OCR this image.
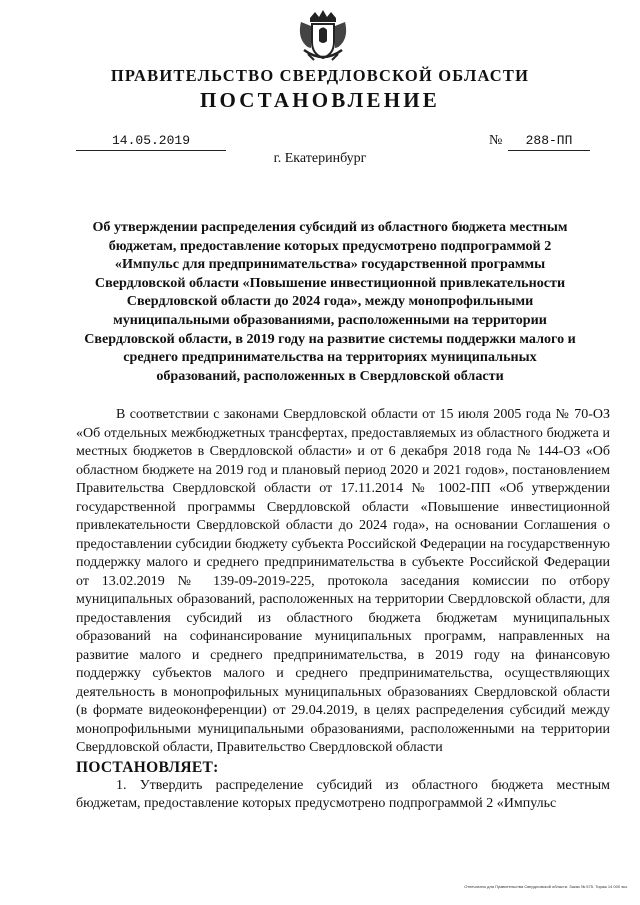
ПРАВИТЕЛЬСТВО СВЕРДЛОВСКОЙ ОБЛАСТИ
ПОСТАНОВЛЕНИЕ
14.05.2019	№	288-ПП
г. Екатеринбург
Об утверждении распределения субсидий из областного бюджета местным бюджетам, предоставление которых предусмотрено подпрограммой 2 «Импульс для предпринимательства» государственной программы Свердловской области «Повышение инвестиционной привлекательности Свердловской области до 2024 года», между монопрофильными муниципальными образованиями, расположенными на территории Свердловской области, в 2019 году на развитие системы поддержки малого и среднего предпринимательства на территориях муниципальных образований, расположенных в Свердловской области

В соответствии с законами Свердловской области от 15 июля 2005 года № 70-ОЗ «Об отдельных межбюджетных трансфертах, предоставляемых из областного бюджета и местных бюджетов в Свердловской области» и от 6 декабря 2018 года № 144-ОЗ «Об областном бюджете на 2019 год и плановый период 2020 и 2021 годов», постановлением Правительства Свердловской области от 17.11.2014 № 1002-ПП «Об утверждении государственной программы Свердловской области «Повышение инвестиционной привлекательности Свердловской области до 2024 года», на основании Соглашения о предоставлении субсидии бюджету субъекта Российской Федерации на государственную поддержку малого и среднего предпринимательства в субъекте Российской Федерации от 13.02.2019 № 139-09-2019-225, протокола заседания комиссии по отбору муниципальных образований, расположенных на территории Свердловской области, для предоставления субсидий из областного бюджета бюджетам муниципальных образований на софинансирование муниципальных программ, направленных на развитие малого и среднего предпринимательства, в 2019 году на финансовую поддержку субъектов малого и среднего предпринимательства, осуществляющих деятельность в монопрофильных муниципальных образованиях Свердловской области (в формате видеоконференции) от 29.04.2019, в целях распределения субсидий между монопрофильными муниципальными образованиями, расположенными на территории Свердловской области, Правительство Свердловской области

ПОСТАНОВЛЯЕТ:

1. Утвердить распределение субсидий из областного бюджета местным бюджетам, предоставление которых предусмотрено подпрограммой 2 «Импульс

Отпечатано для Правительства Свердловской области. Заказ № 575. Тираж 14 000 экз.
